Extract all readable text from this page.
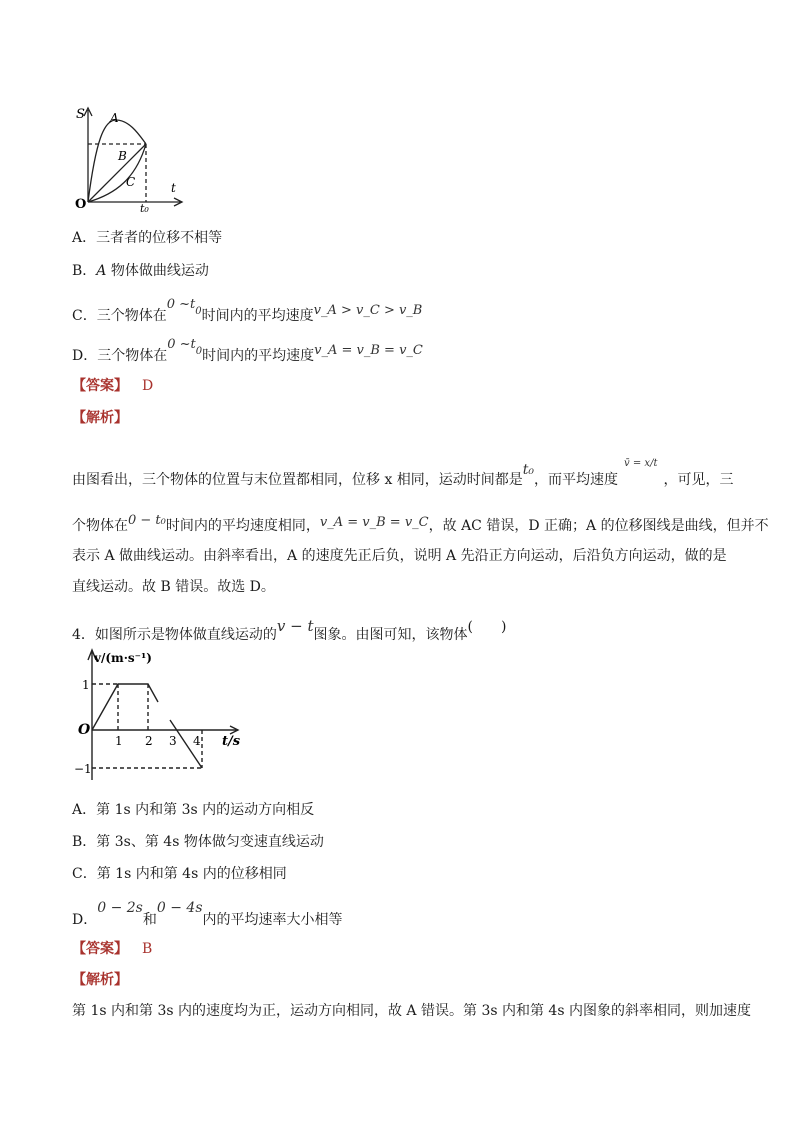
S
t
O
A
B
C
t₀
A．三者者的位移不相等
B．A 物体做曲线运动
C．三个物体在0 $\sim t_0$时间内的平均速度v_A > v_C > v_B
D．三个物体在0 $\sim t_0$时间内的平均速度v_A = v_B = v_C
【答案】 D
【解析】
由图看出，三个物体的位置与末位置都相同，位移 x 相同，运动时间都是t₀，而平均速度$^{v̄ = x/t}$，可见，三
个物体在0 − t₀时间内的平均速度相同，v_A = v_B = v_C，故 AC 错误，D 正确；A 的位移图线是曲线，但并不
表示 A 做曲线运动。由斜率看出，A 的速度先正后负，说明 A 先沿正方向运动，后沿负方向运动，做的是
直线运动。故 B 错误。故选 D。
4．如图所示是物体做直线运动的v − t图象。由图可知，该物体(　　)
v/(m·s⁻¹)
1
−1
O
1 2 3 4 t/s
A．第 1s 内和第 3s 内的运动方向相反
B．第 3s、第 4s 物体做匀变速直线运动
C．第 1s 内和第 4s 内的位移相同
D．0 − 2s和0 − 4s内的平均速率大小相等
【答案】 B
【解析】
第 1s 内和第 3s 内的速度均为正，运动方向相同，故 A 错误。第 3s 内和第 4s 内图象的斜率相同，则加速度
